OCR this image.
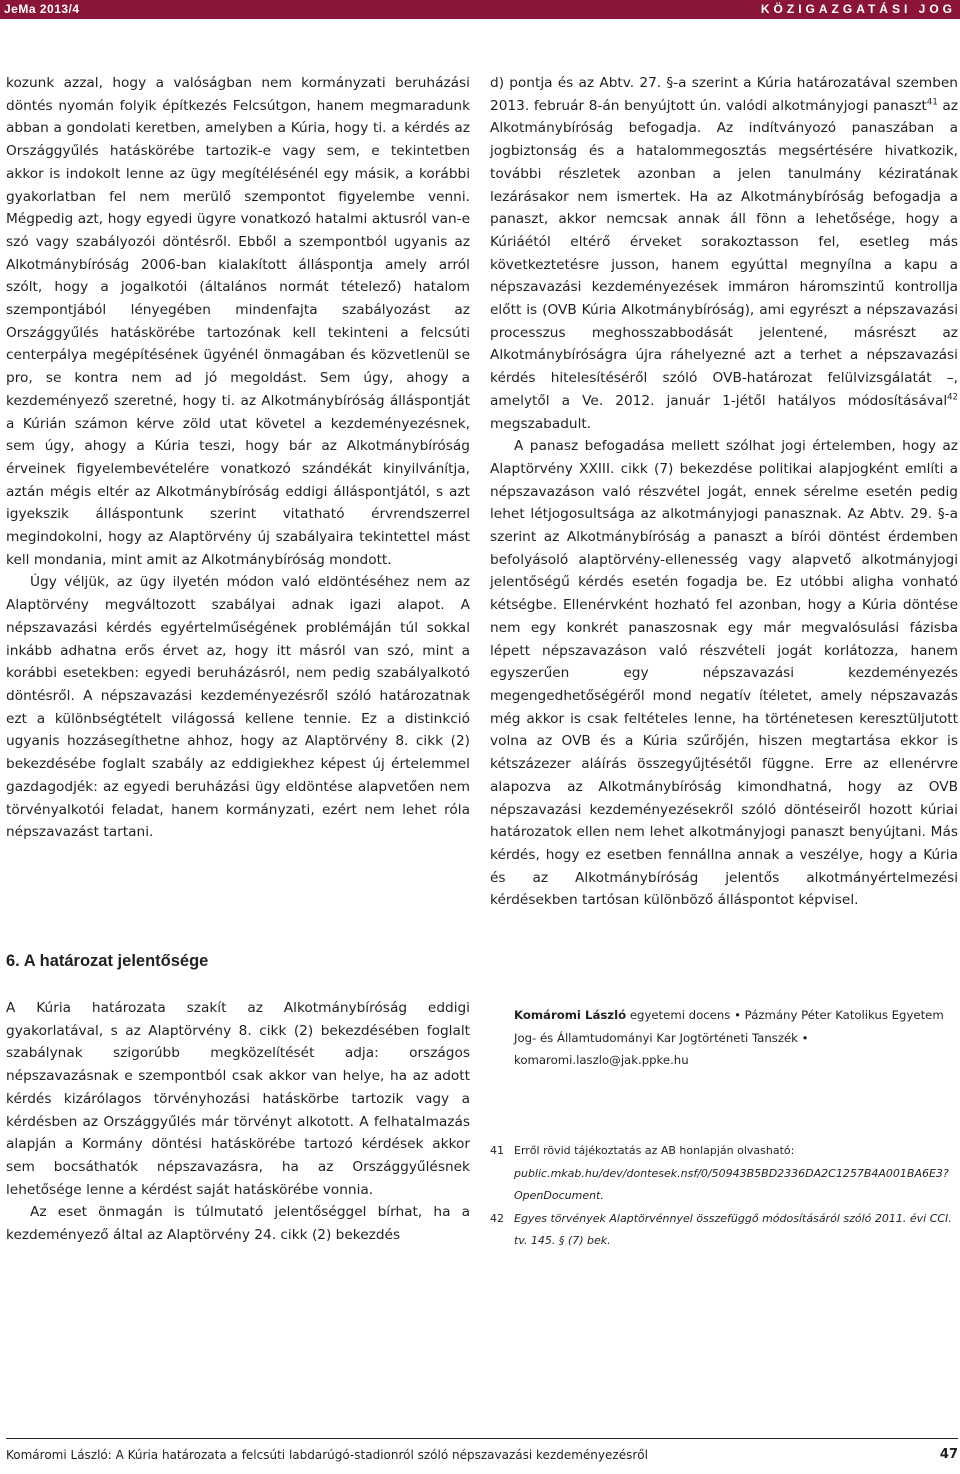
JeMa 2013/4	KÖZIGAZGATÁSI JOG

kozunk azzal, hogy a valóságban nem kormányzati beruházási döntés nyomán folyik építkezés Felcsútgon, hanem megmaradunk abban a gondolati keretben, amelyben a Kúria, hogy ti. a kérdés az Országgyűlés hatáskörébe tartozik-e vagy sem, e tekintetben akkor is indokolt lenne az ügy megítélésénél egy másik, a korábbi gyakorlatban fel nem merülő szempontot figyelembe venni. Mégpedig azt, hogy egyedi ügyre vonatkozó hatalmi aktusról van-e szó vagy szabályozói döntésről. Ebből a szempontból ugyanis az Alkotmánybíróság 2006-ban kialakított álláspontja amely arról szólt, hogy a jogalkotói (általános normát tételező) hatalom szempontjából lényegében mindenfajta szabályozást az Országgyűlés hatáskörébe tartozónak kell tekinteni a felcsúti centerpálya megépítésének ügyénél önmagában és közvetlenül se pro, se kontra nem ad jó megoldást. Sem úgy, ahogy a kezdeményező szeretné, hogy ti. az Alkotmánybíróság álláspontját a Kúrián számon kérve zöld utat követel a kezdeményezésnek, sem úgy, ahogy a Kúria teszi, hogy bár az Alkotmánybíróság érveinek figyelembevételére vonatkozó szándékát kinyilvánítja, aztán mégis eltér az Alkotmánybíróság eddigi álláspontjától, s azt igyekszik álláspontunk szerint vitatható érvrendszerrel megindokolni, hogy az Alaptörvény új szabályaira tekintettel mást kell mondania, mint amit az Alkotmánybíróság mondott.

Úgy véljük, az ügy ilyetén módon való eldöntéséhez nem az Alaptörvény megváltozott szabályai adnak igazi alapot. A népszavazási kérdés egyértelműségének problémáján túl sokkal inkább adhatna erős érvet az, hogy itt másról van szó, mint a korábbi esetekben: egyedi beruházásról, nem pedig szabályalkotó döntésről. A népszavazási kezdeményezésről szóló határozatnak ezt a különbségtételt világossá kellene tennie. Ez a distinkció ugyanis hozzásegíthetne ahhoz, hogy az Alaptörvény 8. cikk (2) bekezdésébe foglalt szabály az eddigiekhez képest új értelemmel gazdagodjék: az egyedi beruházási ügy eldöntése alapvetően nem törvényalkotói feladat, hanem kormányzati, ezért nem lehet róla népszavazást tartani.

6. A határozat jelentősége

A Kúria határozata szakít az Alkotmánybíróság eddigi gyakorlatával, s az Alaptörvény 8. cikk (2) bekezdésében foglalt szabálynak szigorúbb megközelítését adja: országos népszavazásnak e szempontból csak akkor van helye, ha az adott kérdés kizárólagos törvényhozási hatáskörbe tartozik vagy a kérdésben az Országgyűlés már törvényt alkotott. A felhatalmazás alapján a Kormány döntési hatáskörébe tartozó kérdések akkor sem bocsáthatók népszavazásra, ha az Országgyűlésnek lehetősége lenne a kérdést saját hatáskörébe vonnia.

Az eset önmagán is túlmutató jelentőséggel bírhat, ha a kezdeményező által az Alaptörvény 24. cikk (2) bekezdés

d) pontja és az Abtv. 27. §-a szerint a Kúria határozatával szemben 2013. február 8-án benyújtott ún. valódi alkotmányjogi panaszt$^{41}$ az Alkotmánybíróság befogadja. Az indítványozó panaszában a jogbiztonság és a hatalommegosztás megsértésére hivatkozik, további részletek azonban a jelen tanulmány kéziratának lezárásakor nem ismertek. Ha az Alkotmánybíróság befogadja a panaszt, akkor nemcsak annak áll fönn a lehetősége, hogy a Kúriáétól eltérő érveket sorakoztasson fel, esetleg más következtetésre jusson, hanem egyúttal megnyílna a kapu a népszavazási kezdeményezések immáron háromszintű kontrollja előtt is (OVB Kúria Alkotmánybíróság), ami egyrészt a népszavazási processzus meghosszabbodását jelentené, másrészt az Alkotmánybíróságra újra ráhelyezné azt a terhet a népszavazási kérdés hitelesítéséről szóló OVB-határozat felülvizsgálatát –, amelytől a Ve. 2012. január 1-jétől hatályos módosításával$^{42}$ megszabadult.

A panasz befogadása mellett szólhat jogi értelemben, hogy az Alaptörvény XXIII. cikk (7) bekezdése politikai alapjogként említi a népszavazáson való részvétel jogát, ennek sérelme esetén pedig lehet létjogosultsága az alkotmányjogi panasznak. Az Abtv. 29. §-a szerint az Alkotmánybíróság a panaszt a bírói döntést érdemben befolyásoló alaptörvény-ellenesség vagy alapvető alkotmányjogi jelentőségű kérdés esetén fogadja be. Ez utóbbi aligha vonható kétségbe. Ellenérvként hozható fel azonban, hogy a Kúria döntése nem egy konkrét panaszosnak egy már megvalósulási fázisba lépett népszavazáson való részvételi jogát korlátozza, hanem egyszerűen egy népszavazási kezdeményezés megengedhetőségéről mond negatív ítéletet, amely népszavazás még akkor is csak feltételes lenne, ha történetesen keresztüljutott volna az OVB és a Kúria szűrőjén, hiszen megtartása ekkor is kétszázezer aláírás összegyűjtésétől függne. Erre az ellenérvre alapozva az Alkotmánybíróság kimondhatná, hogy az OVB népszavazási kezdeményezésekről szóló döntéseiről hozott kúriai határozatok ellen nem lehet alkotmányjogi panaszt benyújtani. Más kérdés, hogy ez esetben fennállna annak a veszélye, hogy a Kúria és az Alkotmánybíróság jelentős alkotmányértelmezési kérdésekben tartósan különböző álláspontot képvisel.

Komáromi László egyetemi docens • Pázmány Péter Katolikus Egyetem Jog- és Államtudományi Kar Jogtörténeti Tanszék • komaromi.laszlo@jak.ppke.hu
41 Erről rövid tájékoztatás az AB honlapján olvasható: public.mkab.hu/dev/dontesek.nsf/0/50943B5BD2336DA2C1257B4A001BA6E3?OpenDocument.
42 Egyes törvények Alaptörvénnyel összefüggő módosításáról szóló 2011. évi CCI. tv. 145. § (7) bek.
Komáromi László: A Kúria határozata a felcsúti labdarúgó-stadionról szóló népszavazási kezdeményezésről	47
